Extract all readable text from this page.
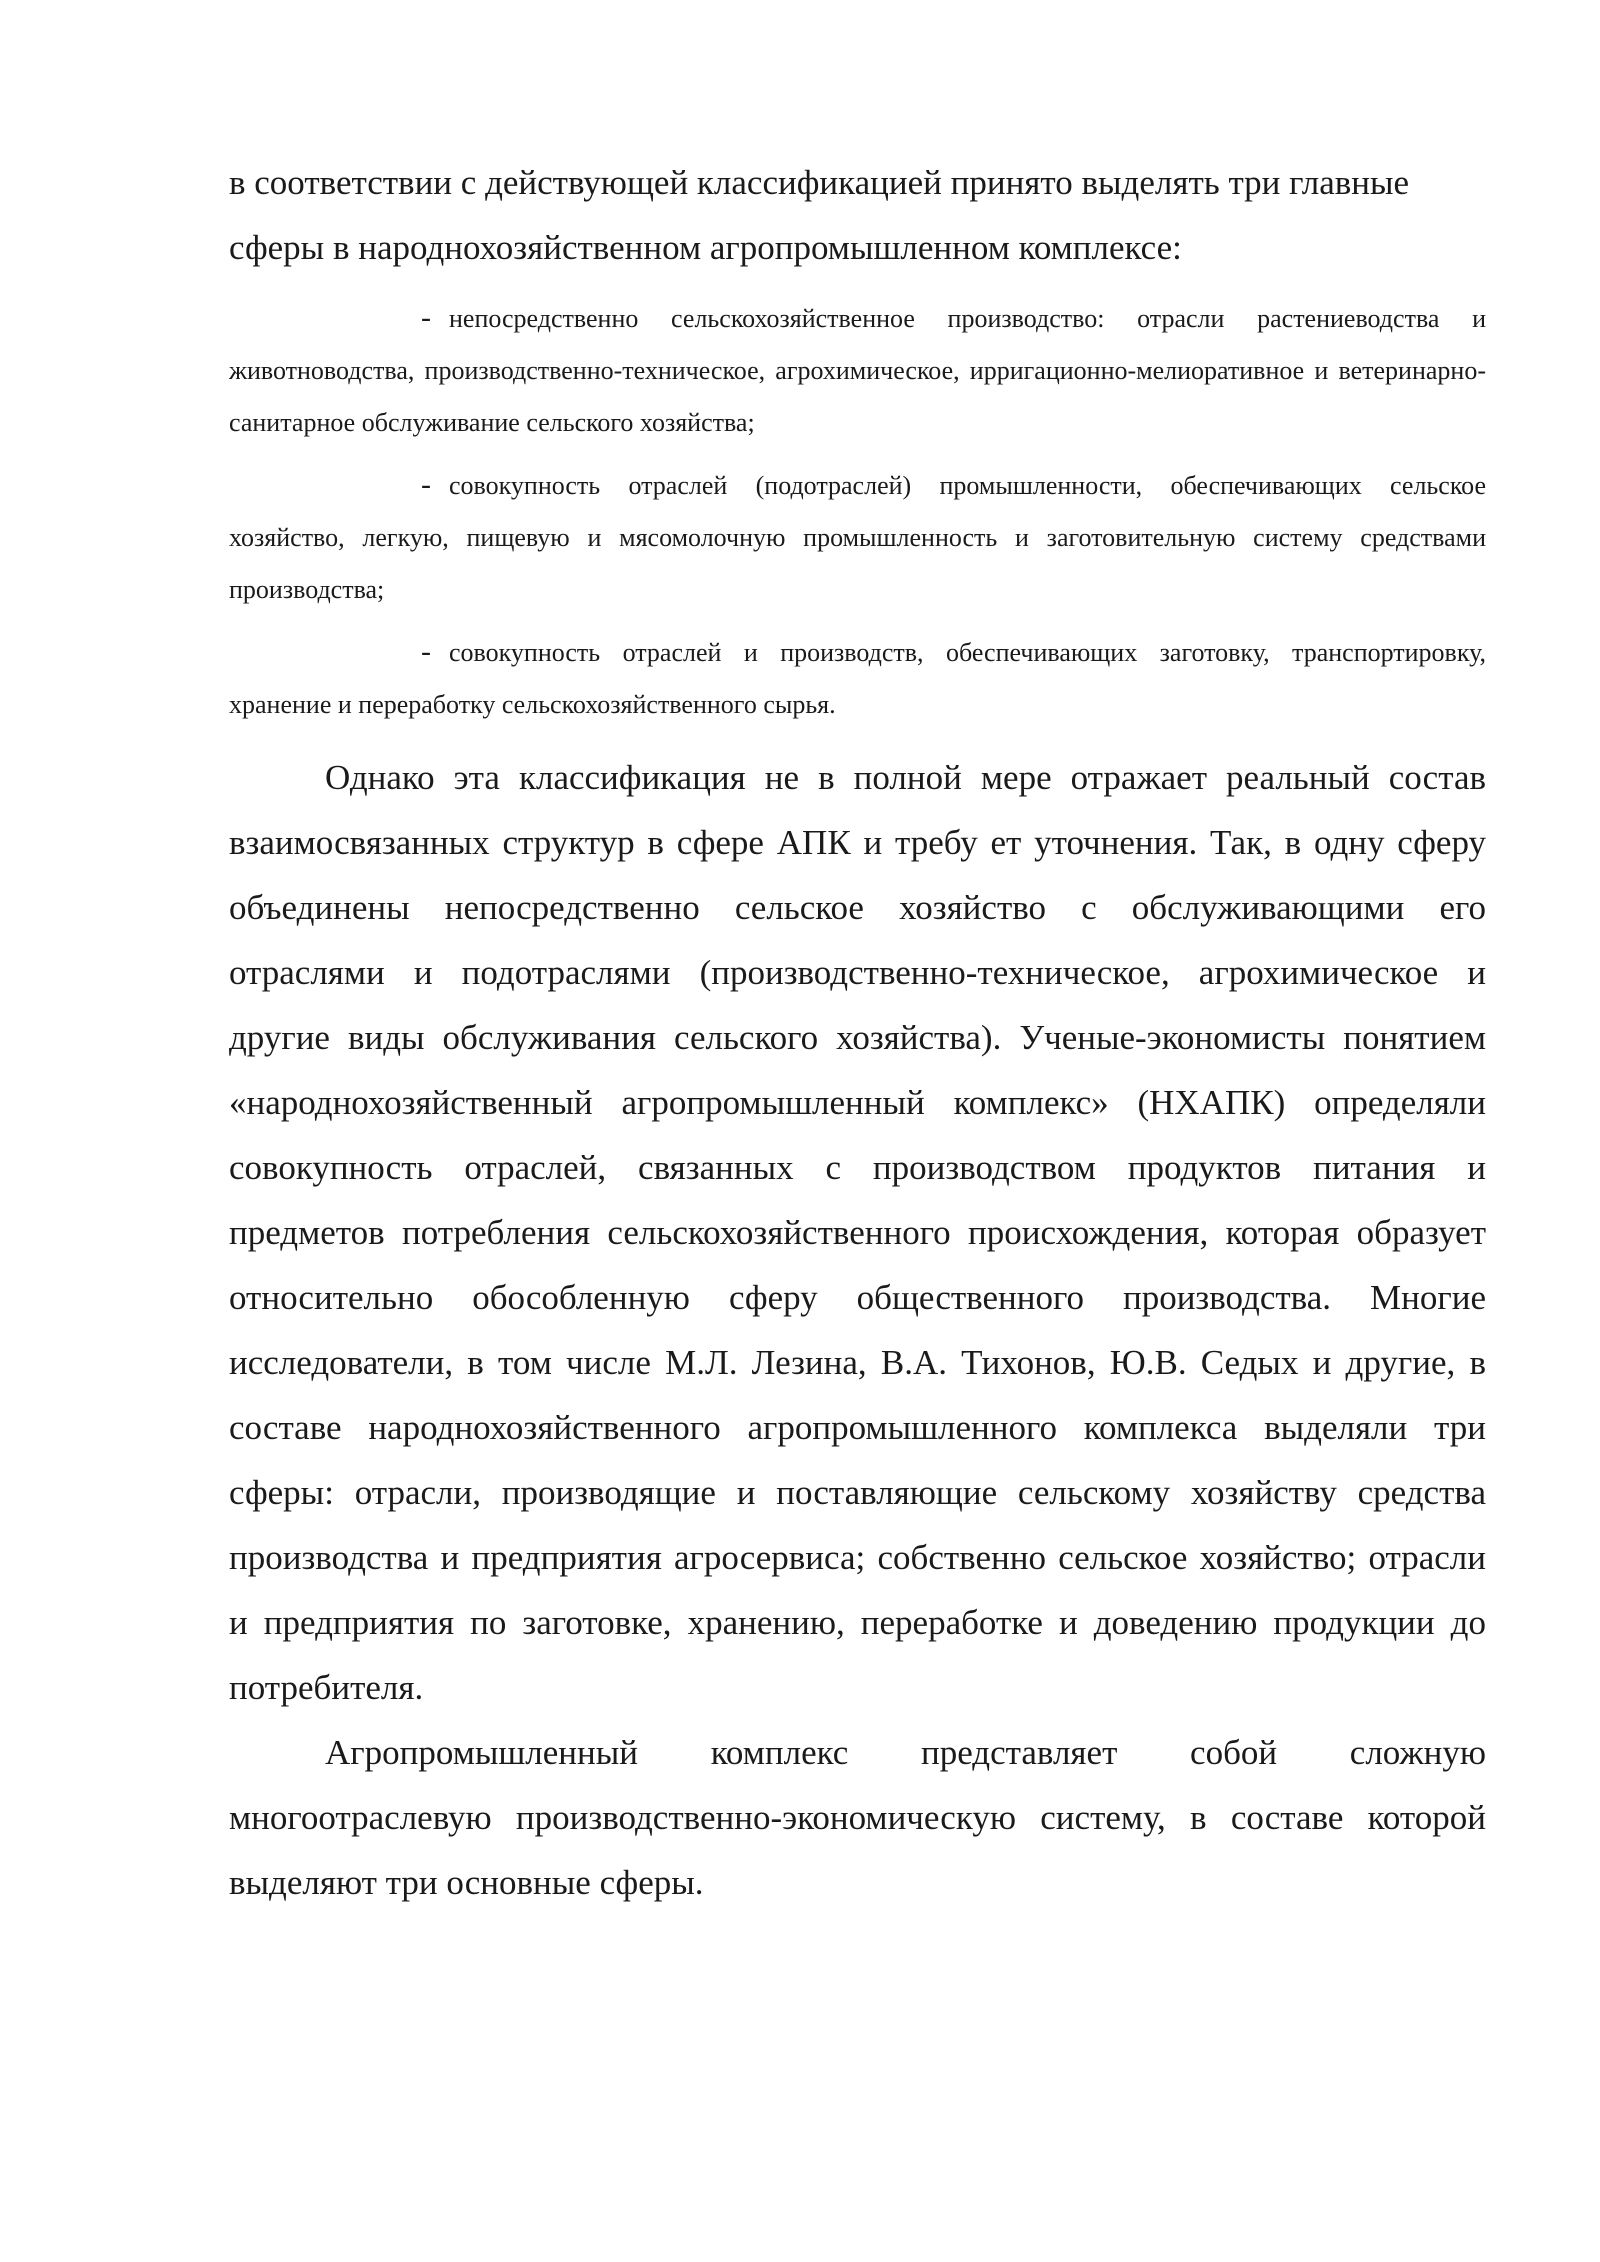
в соответствии с действующей классификацией принято выделять три главные сферы в народнохозяйственном агропромышленном комплексе:

- непосредственно сельскохозяйственное производство: отрасли растениеводства и животноводства, производственно-техническое, агрохимическое, ирригационно-мелиоративное и ветеринарно-санитарное обслуживание сельского хозяйства;

- совокупность отраслей (подотраслей) промышленности, обеспечивающих сельское хозяйство, легкую, пищевую и мясомолочную промышленность и заготовительную систему средствами производства;

- совокупность отраслей и производств, обеспечивающих заготовку, транспортировку, хранение и переработку сельскохозяйственного сырья.

Однако эта классификация не в полной мере отражает реальный состав взаимосвязанных структур в сфере АПК и требу ет уточнения. Так, в одну сферу объединены непосредственно сельское хозяйство с обслуживающими его отраслями и подотраслями (производственно-техническое, агрохимическое и другие виды обслуживания сельского хозяйства). Ученые-экономисты понятием «народнохозяйственный агропромышленный комплекс» (НХАПК) определяли совокупность отраслей, связанных с производством продуктов питания и предметов потребления сельскохозяйственного происхождения, которая образует относительно обособленную сферу общественного производства. Многие исследователи, в том числе М.Л. Лезина, В.А. Тихонов, Ю.В. Седых и другие, в составе народнохозяйственного агропромышленного комплекса выделяли три сферы: отрасли, производящие и поставляющие сельскому хозяйству средства производства и предприятия агросервиса; собственно сельское хозяйство; отрасли и предприятия по заготовке, хранению, переработке и доведению продукции до потребителя.

Агропромышленный комплекс представляет собой сложную многоотраслевую производственно-экономическую систему, в составе которой выделяют три основные сферы.
